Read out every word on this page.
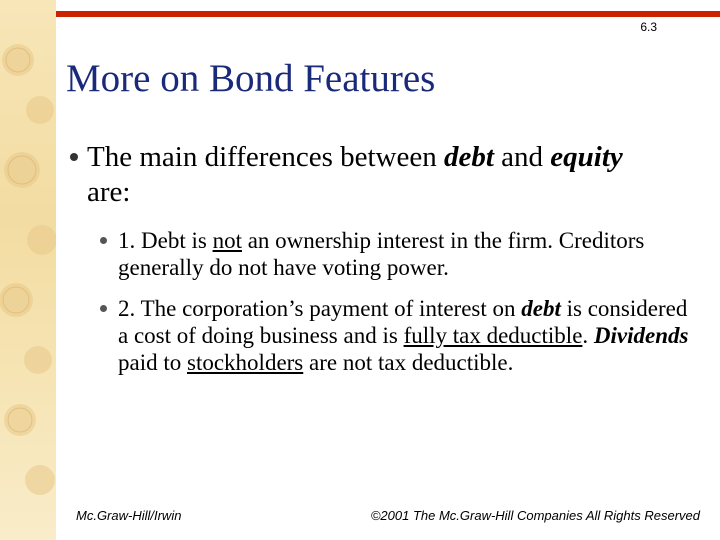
6.3
More on Bond Features
The main differences between debt and equity
are:
1. Debt is not an ownership interest in the firm. Creditors generally do not have voting power.
2. The corporation’s payment of interest on debt is considered a cost of doing business and is fully tax deductible. Dividends paid to stockholders are not tax deductible.
Mc.Graw-Hill/Irwin	©2001 The Mc.Graw-Hill Companies All Rights Reserved
